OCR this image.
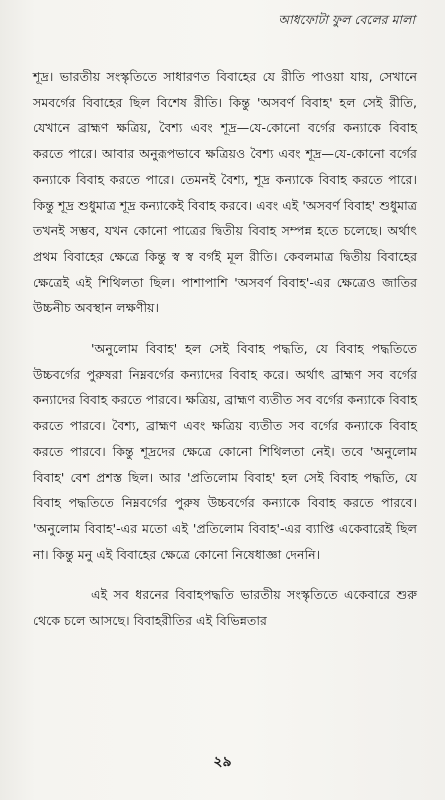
আধফোটা ফুল বেলের মালা

শূদ্র। ভারতীয় সংস্কৃতিতে সাধারণত বিবাহের যে রীতি পাওয়া যায়, সেখানে সমবর্গের বিবাহের ছিল বিশেষ রীতি। কিন্তু 'অসবর্ণ বিবাহ' হল সেই রীতি, যেখানে ব্রাহ্মণ ক্ষত্রিয়, বৈশ্য এবং শূদ্র—যে-কোনো বর্গের কন্যাকে বিবাহ করতে পারে। আবার অনুরূপভাবে ক্ষত্রিয়ও বৈশ্য এবং শূদ্র—যে-কোনো বর্গের কন্যাকে বিবাহ করতে পারে। তেমনই বৈশ্য, শূদ্র কন্যাকে বিবাহ করতে পারে। কিন্তু শূদ্র শুধুমাত্র শূদ্র কন্যাকেই বিবাহ করবে। এবং এই 'অসবর্ণ বিবাহ' শুধুমাত্র তখনই সম্ভব, যখন কোনো পাত্রের দ্বিতীয় বিবাহ সম্পন্ন হতে চলেছে। অর্থাৎ প্রথম বিবাহের ক্ষেত্রে কিন্তু স্ব স্ব বর্গই মূল রীতি। কেবলমাত্র দ্বিতীয় বিবাহের ক্ষেত্রেই এই শিথিলতা ছিল। পাশাপাশি 'অসবর্ণ বিবাহ'-এর ক্ষেত্রেও জাতির উচ্চনীচ অবস্থান লক্ষণীয়।

'অনুলোম বিবাহ' হল সেই বিবাহ পদ্ধতি, যে বিবাহ পদ্ধতিতে উচ্চবর্গের পুরুষরা নিম্নবর্গের কন্যাদের বিবাহ করে। অর্থাৎ ব্রাহ্মণ সব বর্গের কন্যাদের বিবাহ করতে পারবে। ক্ষত্রিয়, ব্রাহ্মণ ব্যতীত সব বর্গের কন্যাকে বিবাহ করতে পারবে। বৈশ্য, ব্রাহ্মণ এবং ক্ষত্রিয় ব্যতীত সব বর্গের কন্যাকে বিবাহ করতে পারবে। কিন্তু শূদ্রদের ক্ষেত্রে কোনো শিথিলতা নেই। তবে 'অনুলোম বিবাহ' বেশ প্রশস্ত ছিল। আর 'প্রতিলোম বিবাহ' হল সেই বিবাহ পদ্ধতি, যে বিবাহ পদ্ধতিতে নিম্নবর্গের পুরুষ উচ্চবর্গের কন্যাকে বিবাহ করতে পারবে। 'অনুলোম বিবাহ'-এর মতো এই 'প্রতিলোম বিবাহ'-এর ব্যাপ্তি একেবারেই ছিল না। কিন্তু মনু এই বিবাহের ক্ষেত্রে কোনো নিষেধাজ্ঞা দেননি।

এই সব ধরনের বিবাহপদ্ধতি ভারতীয় সংস্কৃতিতে একেবারে শুরু থেকে চলে আসছে। বিবাহরীতির এই বিভিন্নতার

২৯
